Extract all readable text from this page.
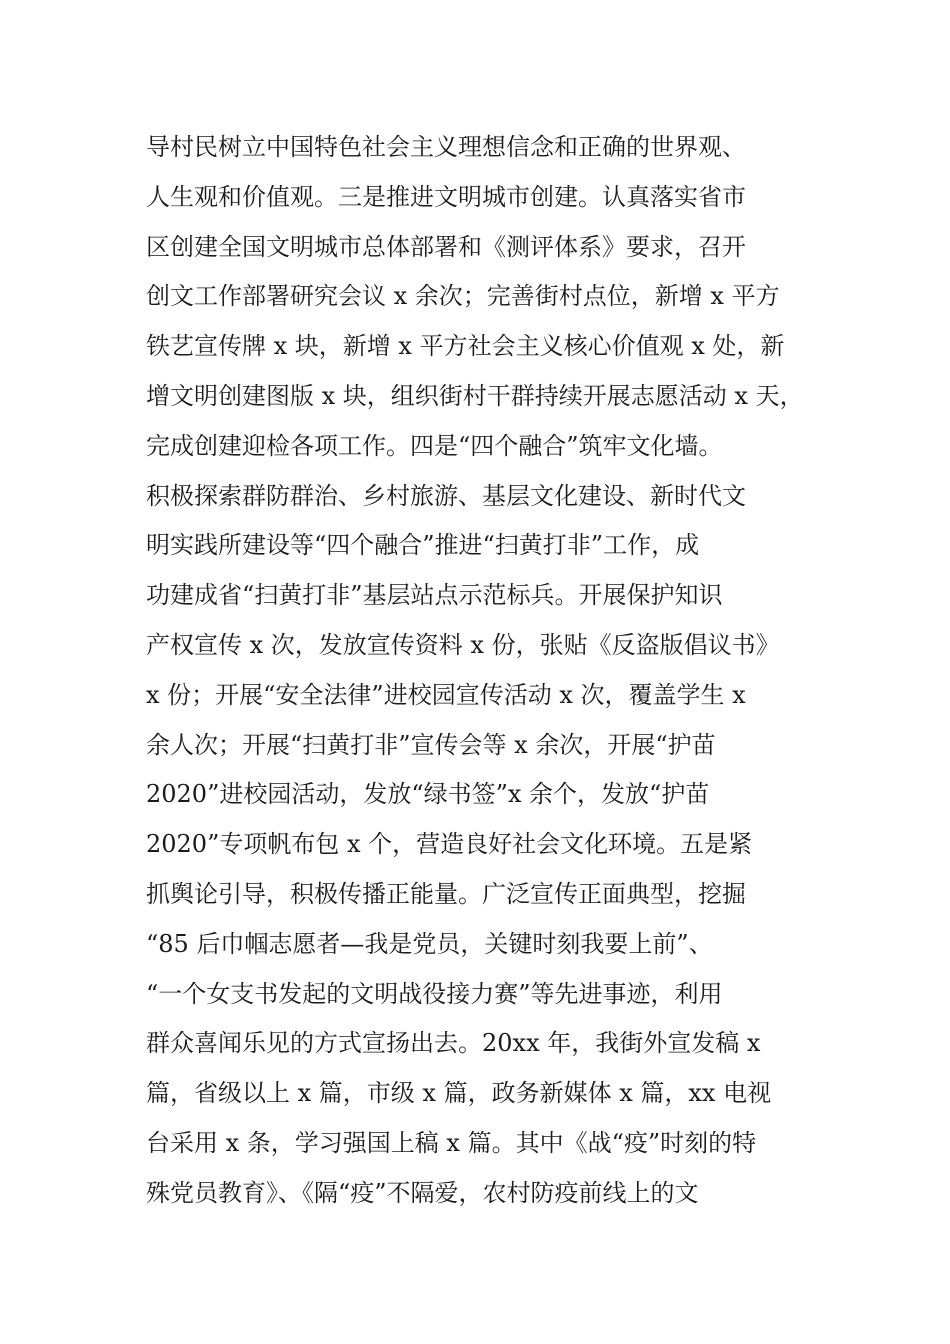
导村民树立中国特色社会主义理想信念和正确的世界观、
人生观和价值观。三是推进文明城市创建。认真落实省市
区创建全国文明城市总体部署和《测评体系》要求，召开
创文工作部署研究会议 x 余次；完善街村点位，新增 x 平方
铁艺宣传牌 x 块，新增 x 平方社会主义核心价值观 x 处，新
增文明创建图版 x 块，组织街村干群持续开展志愿活动 x 天，
完成创建迎检各项工作。四是“四个融合”筑牢文化墙。
积极探索群防群治、乡村旅游、基层文化建设、新时代文
明实践所建设等“四个融合”推进“扫黄打非”工作，成
功建成省“扫黄打非”基层站点示范标兵。开展保护知识
产权宣传 x 次，发放宣传资料 x 份，张贴《反盗版倡议书》
x 份；开展“安全法律”进校园宣传活动 x 次，覆盖学生 x
余人次；开展“扫黄打非”宣传会等 x 余次，开展“护苗
2020”进校园活动，发放“绿书签”x 余个，发放“护苗
2020”专项帆布包 x 个，营造良好社会文化环境。五是紧
抓舆论引导，积极传播正能量。广泛宣传正面典型，挖掘
“85 后巾帼志愿者—我是党员，关键时刻我要上前”、
“一个女支书发起的文明战役接力赛”等先进事迹，利用
群众喜闻乐见的方式宣扬出去。20xx 年，我街外宣发稿 x
篇，省级以上 x 篇，市级 x 篇，政务新媒体 x 篇，xx 电视
台采用 x 条，学习强国上稿 x 篇。其中《战“疫”时刻的特
殊党员教育》、《隔“疫”不隔爱，农村防疫前线上的文
